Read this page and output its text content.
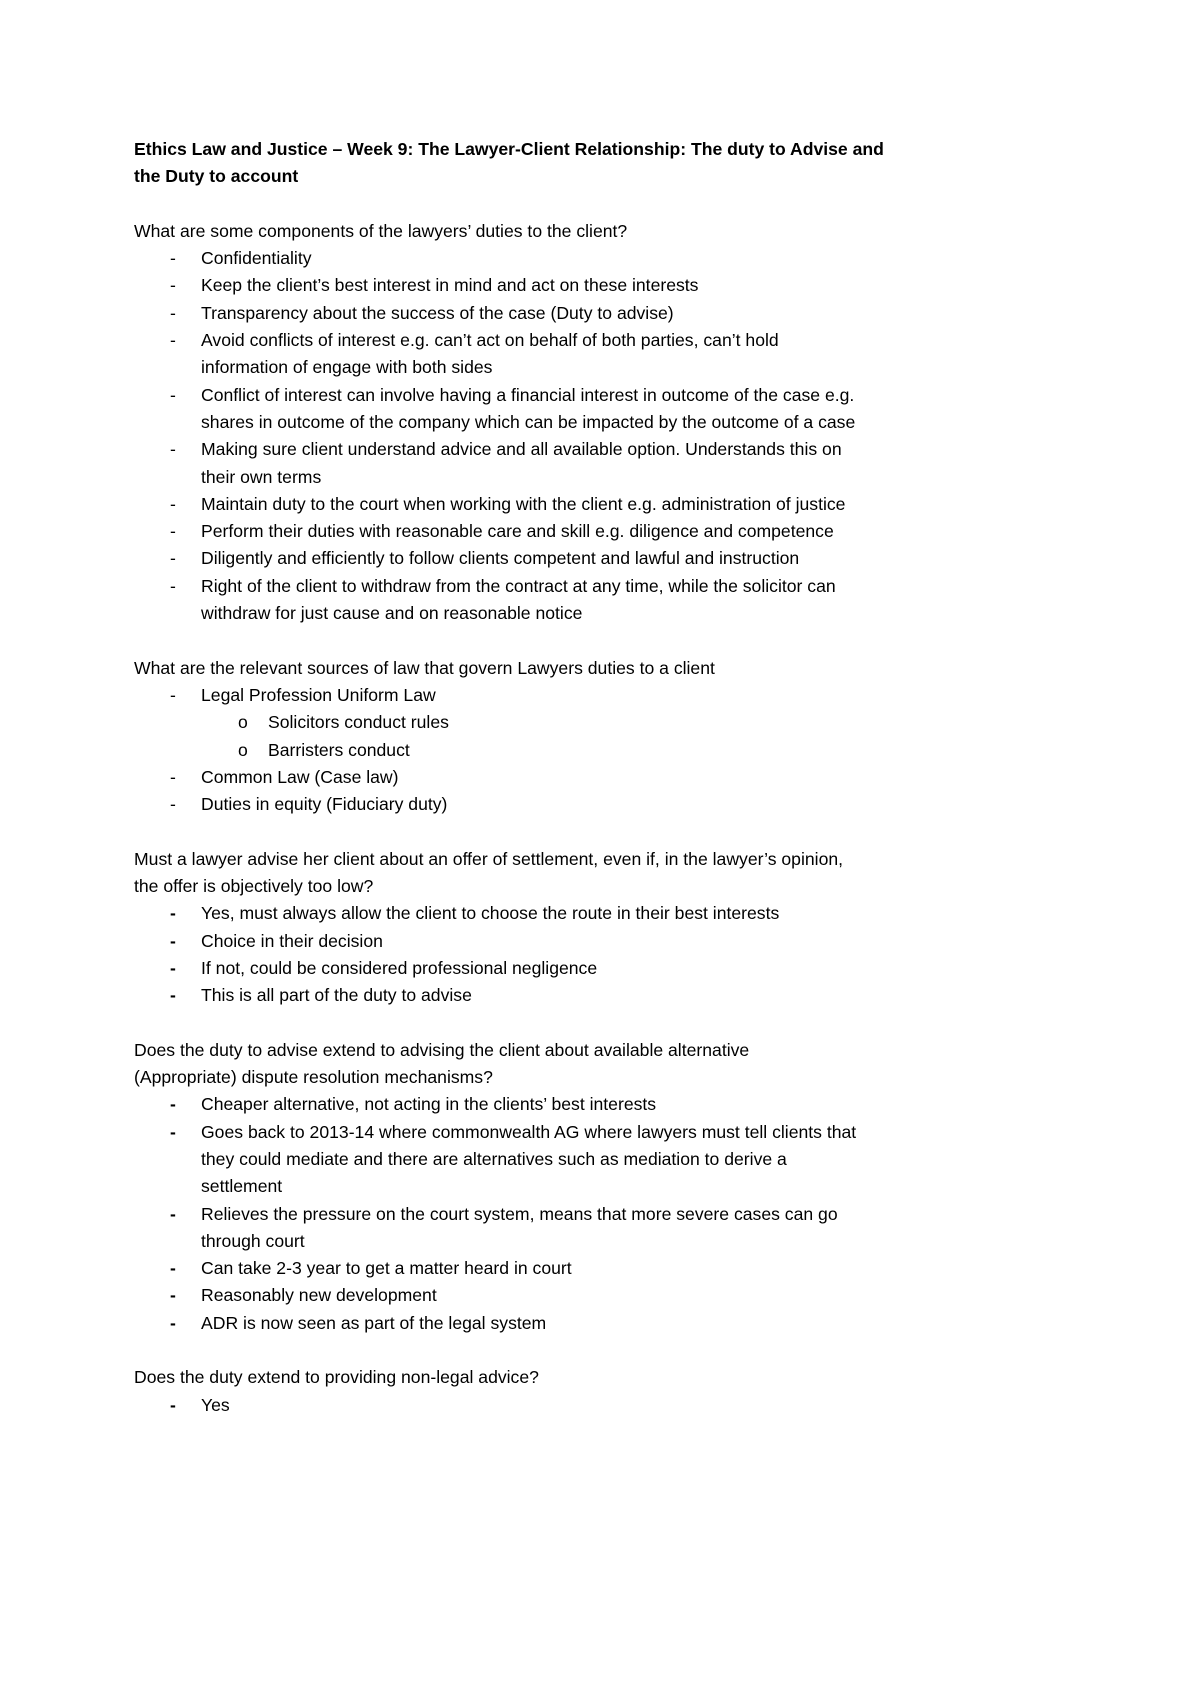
Ethics Law and Justice – Week 9: The Lawyer-Client Relationship: The duty to Advise and
the Duty to account
What are some components of the lawyers’ duties to the client?
- Confidentiality
- Keep the client’s best interest in mind and act on these interests
- Transparency about the success of the case (Duty to advise)
- Avoid conflicts of interest e.g. can’t act on behalf of both parties, can’t hold
information of engage with both sides
- Conflict of interest can involve having a financial interest in outcome of the case e.g.
shares in outcome of the company which can be impacted by the outcome of a case
- Making sure client understand advice and all available option. Understands this on
their own terms
- Maintain duty to the court when working with the client e.g. administration of justice
- Perform their duties with reasonable care and skill e.g. diligence and competence
- Diligently and efficiently to follow clients competent and lawful and instruction
- Right of the client to withdraw from the contract at any time, while the solicitor can
withdraw for just cause and on reasonable notice
What are the relevant sources of law that govern Lawyers duties to a client
- Legal Profession Uniform Law
o Solicitors conduct rules
o Barristers conduct
- Common Law (Case law)
- Duties in equity (Fiduciary duty)
Must a lawyer advise her client about an offer of settlement, even if, in the lawyer’s opinion,
the offer is objectively too low?
- Yes, must always allow the client to choose the route in their best interests
- Choice in their decision
- If not, could be considered professional negligence
- This is all part of the duty to advise
Does the duty to advise extend to advising the client about available alternative
(Appropriate) dispute resolution mechanisms?
- Cheaper alternative, not acting in the clients’ best interests
- Goes back to 2013-14 where commonwealth AG where lawyers must tell clients that
they could mediate and there are alternatives such as mediation to derive a
settlement
- Relieves the pressure on the court system, means that more severe cases can go
through court
- Can take 2-3 year to get a matter heard in court
- Reasonably new development
- ADR is now seen as part of the legal system
Does the duty extend to providing non-legal advice?
- Yes
